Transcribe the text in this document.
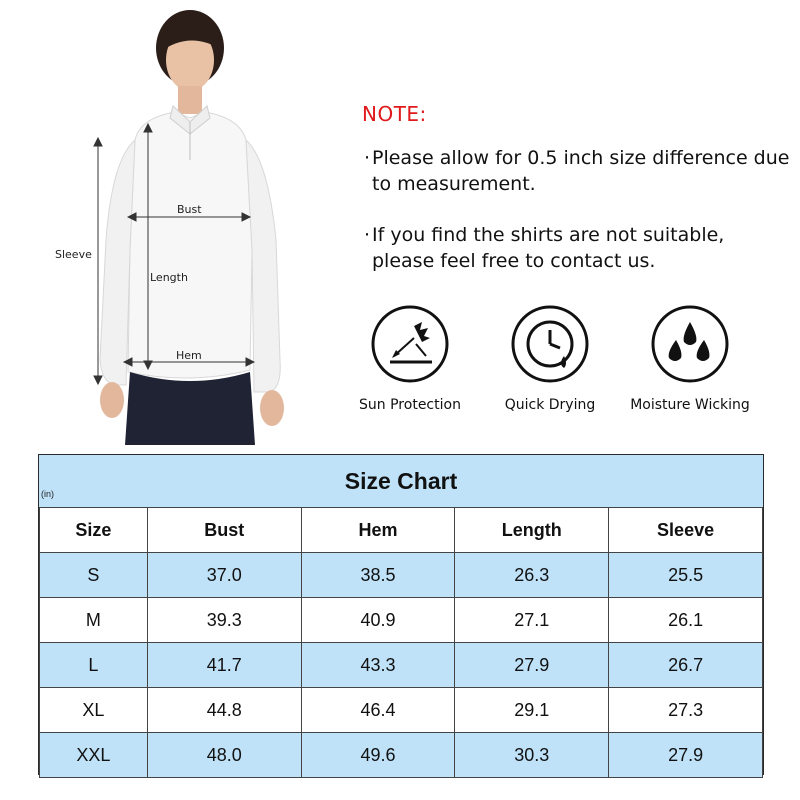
Bust
Sleeve
Length
Hem
NOTE:
· Please allow for 0.5 inch size difference due to measurement.
· If you find the shirts are not suitable, please feel free to contact us.
Sun Protection	Quick Drying	Moisture Wicking
Size Chart
(in)
Size	Bust	Hem	Length	Sleeve
S	37.0	38.5	26.3	25.5
M	39.3	40.9	27.1	26.1
L	41.7	43.3	27.9	26.7
XL	44.8	46.4	29.1	27.3
XXL	48.0	49.6	30.3	27.9
